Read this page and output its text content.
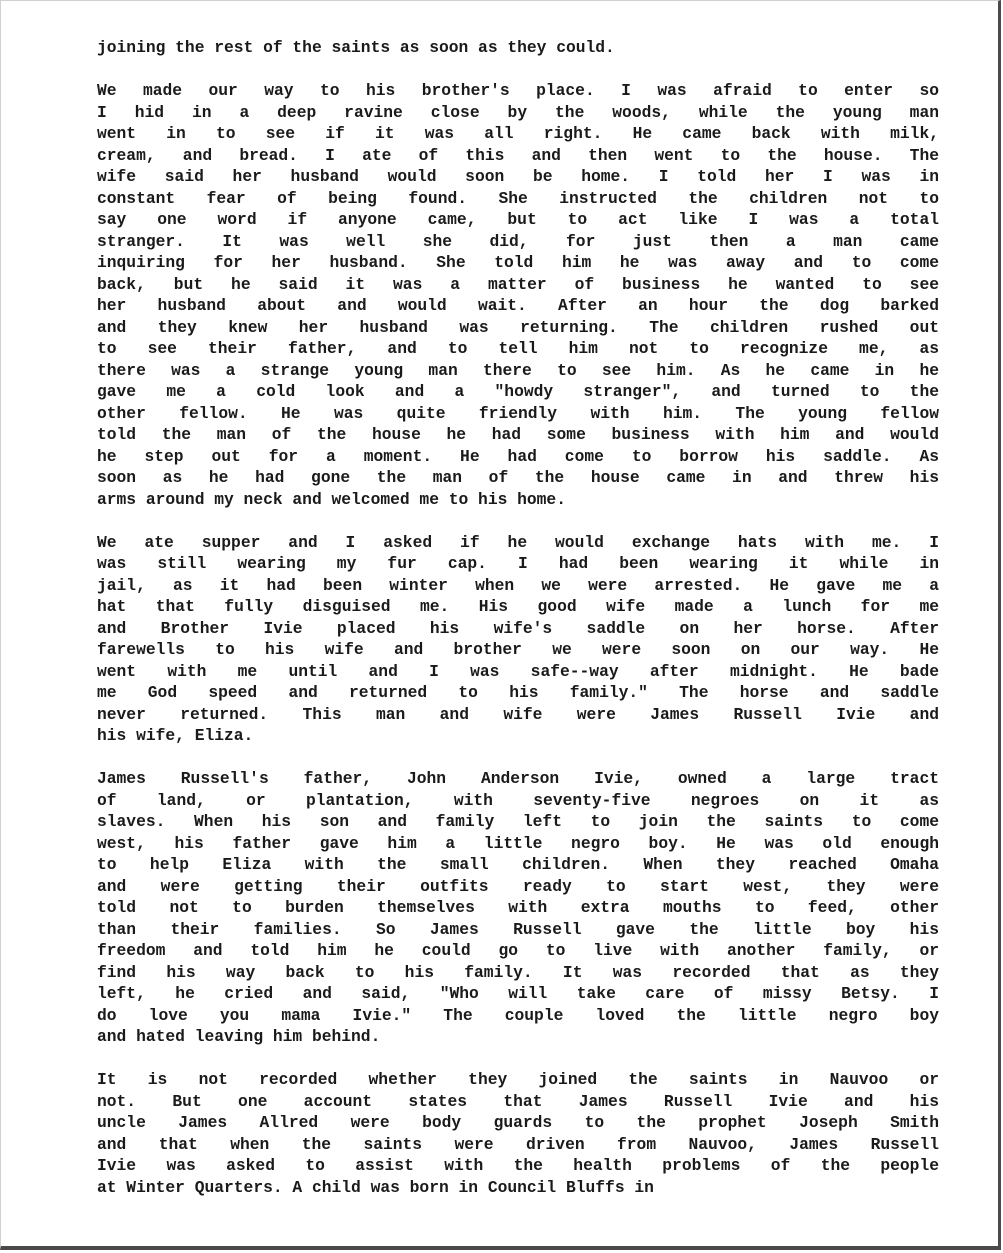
joining the rest of the saints as soon as they could.
We made our way to his brother's place. I was afraid to enter so
I hid in a deep ravine close by the woods, while the young man
went in to see if it was all right. He came back with milk,
cream, and bread. I ate of this and then went to the house. The
wife said her husband would soon be home. I told her I was in
constant fear of being found. She instructed the children not to
say one word if anyone came, but to act like I was a total
stranger. It was well she did, for just then a man came
inquiring for her husband. She told him he was away and to come
back, but he said it was a matter of business he wanted to see
her husband about and would wait. After an hour the dog barked
and they knew her husband was returning. The children rushed out
to see their father, and to tell him not to recognize me, as
there was a strange young man there to see him. As he came in he
gave me a cold look and a "howdy stranger", and turned to the
other fellow. He was quite friendly with him. The young fellow
told the man of the house he had some business with him and would
he step out for a moment. He had come to borrow his saddle. As
soon as he had gone the man of the house came in and threw his
arms around my neck and welcomed me to his home.
We ate supper and I asked if he would exchange hats with me. I
was still wearing my fur cap. I had been wearing it while in
jail, as it had been winter when we were arrested. He gave me a
hat that fully disguised me. His good wife made a lunch for me
and Brother Ivie placed his wife's saddle on her horse. After
farewells to his wife and brother we were soon on our way. He
went with me until and I was safe--way after midnight. He bade
me God speed and returned to his family." The horse and saddle
never returned. This man and wife were James Russell Ivie and
his wife, Eliza.
James Russell's father, John Anderson Ivie, owned a large tract
of land, or plantation, with seventy-five negroes on it as
slaves. When his son and family left to join the saints to come
west, his father gave him a little negro boy. He was old enough
to help Eliza with the small children. When they reached Omaha
and were getting their outfits ready to start west, they were
told not to burden themselves with extra mouths to feed, other
than their families. So James Russell gave the little boy his
freedom and told him he could go to live with another family, or
find his way back to his family. It was recorded that as they
left, he cried and said, "Who will take care of missy Betsy. I
do love you mama Ivie." The couple loved the little negro boy
and hated leaving him behind.
It is not recorded whether they joined the saints in Nauvoo or
not. But one account states that James Russell Ivie and his
uncle James Allred were body guards to the prophet Joseph Smith
and that when the saints were driven from Nauvoo, James Russell
Ivie was asked to assist with the health problems of the people
at Winter Quarters. A child was born in Council Bluffs in
